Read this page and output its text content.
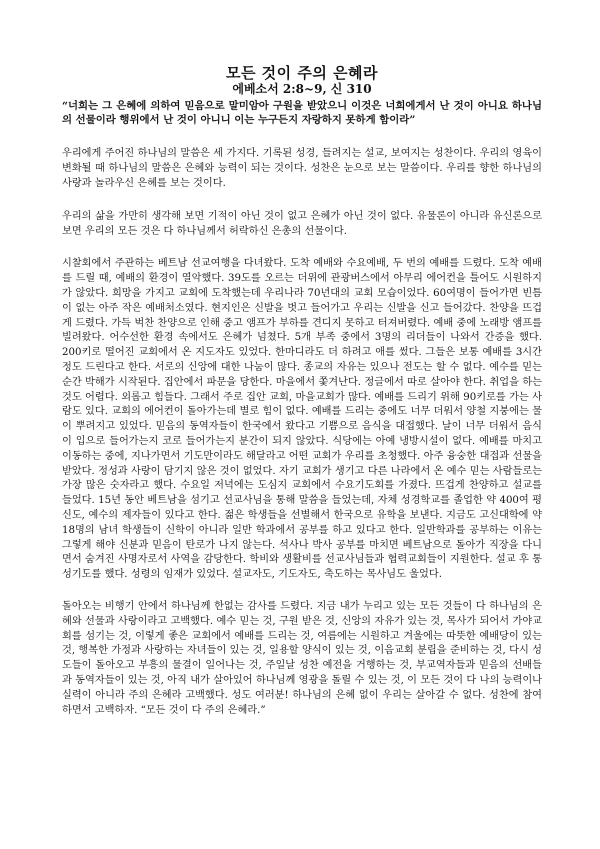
모든 것이 주의 은혜라
에베소서 2:8~9, 신 310

“너희는 그 은혜에 의하여 믿음으로 말미암아 구원을 받았으니 이것은 너희에게서 난 것이 아니요 하나님의 선물이라 행위에서 난 것이 아니니 이는 누구든지 자랑하지 못하게 함이라”

우리에게 주어진 하나님의 말씀은 세 가지다. 기록된 성경, 들려지는 설교, 보여지는 성찬이다. 우리의 영육이 변화될 때 하나님의 말씀은 은혜와 능력이 되는 것이다. 성찬은 눈으로 보는 말씀이다. 우리를 향한 하나님의 사랑과 놀라우신 은혜를 보는 것이다.

우리의 삶을 가만히 생각해 보면 기적이 아닌 것이 없고 은혜가 아닌 것이 없다. 유물론이 아니라 유신론으로 보면 우리의 모든 것은 다 하나님께서 허락하신 은총의 선물이다.

시찰회에서 주관하는 베트남 선교여행을 다녀왔다. 도착 예배와 수요예배, 두 번의 예배를 드렸다. 도착 예배를 드릴 때, 예배의 환경이 열악했다. 39도를 오르는 더위에 관광버스에서 아무리 에어컨을 틀어도 시원하지가 않았다. 희망을 가지고 교회에 도착했는데 우리나라 70년대의 교회 모습이었다. 60여명이 들어가면 빈틈이 없는 아주 작은 예배처소였다. 현지인은 신발을 벗고 들어가고 우리는 신발을 신고 들어갔다. 찬양을 뜨겁게 드렸다. 가득 벅찬 찬양으로 인해 중고 앰프가 부하를 견디지 못하고 터져버렸다. 예배 중에 노래방 앰프를 빌려왔다. 어수선한 환경 속에서도 은혜가 넘쳤다. 5개 부족 중에서 3명의 리더들이 나와서 간증을 했다. 200키로 떨어진 교회에서 온 지도자도 있었다. 한마디라도 더 하려고 애를 썼다. 그들은 보통 예배를 3시간 정도 드린다고 한다. 서로의 신앙에 대한 나눔이 많다. 종교의 자유는 있으나 전도는 할 수 없다. 예수를 믿는 순간 박해가 시작된다. 집안에서 파문을 당한다. 마을에서 쫓겨난다. 정글에서 따로 살아야 한다. 취업을 하는 것도 어렵다. 외롭고 힘들다. 그래서 주로 집안 교회, 마을교회가 많다. 예배를 드리기 위해 90키로를 가는 사람도 있다. 교회의 에어컨이 돌아가는데 별로 힘이 없다. 예배를 드리는 중에도 너무 더워서 양철 지붕에는 물이 뿌려지고 있었다. 믿음의 동역자들이 한국에서 왔다고 기쁨으로 음식을 대접했다. 날이 너무 더워서 음식이 입으로 들어가는지 코로 들어가는지 분간이 되지 않았다. 식당에는 아예 냉방시설이 없다. 예배를 마치고 이동하는 중에, 지나가면서 기도만이라도 해달라고 어떤 교회가 우리를 초청했다. 아주 융숭한 대접과 선물을 받았다. 정성과 사랑이 담기지 않은 것이 없었다. 자기 교회가 생기고 다른 나라에서 온 예수 믿는 사람들로는 가장 많은 숫자라고 했다. 수요일 저녁에는 도심지 교회에서 수요기도회를 가졌다. 뜨겁게 찬양하고 설교를 들었다. 15년 동안 베트남을 섬기고 선교사님을 통해 말씀을 들었는데, 자체 성경학교를 졸업한 약 400여 평신도, 예수의 제자들이 있다고 한다. 젊은 학생들을 선별해서 한국으로 유학을 보낸다. 지금도 고신대학에 약 18명의 남녀 학생들이 신학이 아니라 일반 학과에서 공부를 하고 있다고 한다. 일반학과를 공부하는 이유는 그렇게 해야 신분과 믿음이 탄로가 나지 않는다. 석사나 박사 공부를 마치면 베트남으로 돌아가 직장을 다니면서 숨겨진 사명자로서 사역을 감당한다. 학비와 생활비를 선교사님들과 협력교회들이 지원한다. 설교 후 통성기도를 했다. 성령의 임재가 있었다. 설교자도, 기도자도, 축도하는 목사님도 울었다.

돌아오는 비행기 안에서 하나님께 한없는 감사를 드렸다. 지금 내가 누리고 있는 모든 것들이 다 하나님의 은혜와 선물과 사랑이라고 고백했다. 예수 믿는 것, 구원 받은 것, 신앙의 자유가 있는 것, 목사가 되어서 가야교회를 섬기는 것, 이렇게 좋은 교회에서 예배를 드리는 것, 여름에는 시원하고 겨울에는 따뜻한 예배당이 있는 것, 행복한 가정과 사랑하는 자녀들이 있는 것, 일용할 양식이 있는 것, 이음교회 분립을 준비하는 것, 다시 성도들이 돌아오고 부흥의 물결이 일어나는 것, 주일날 성찬 예전을 거행하는 것, 부교역자들과 믿음의 선배들과 동역자들이 있는 것, 아직 내가 살아있어 하나님께 영광을 돌릴 수 있는 것, 이 모든 것이 다 나의 능력이나 실력이 아니라 주의 은혜라 고백했다. 성도 여러분! 하나님의 은혜 없이 우리는 살아갈 수 없다. 성찬에 참여하면서 고백하자. “모든 것이 다 주의 은혜라.”
